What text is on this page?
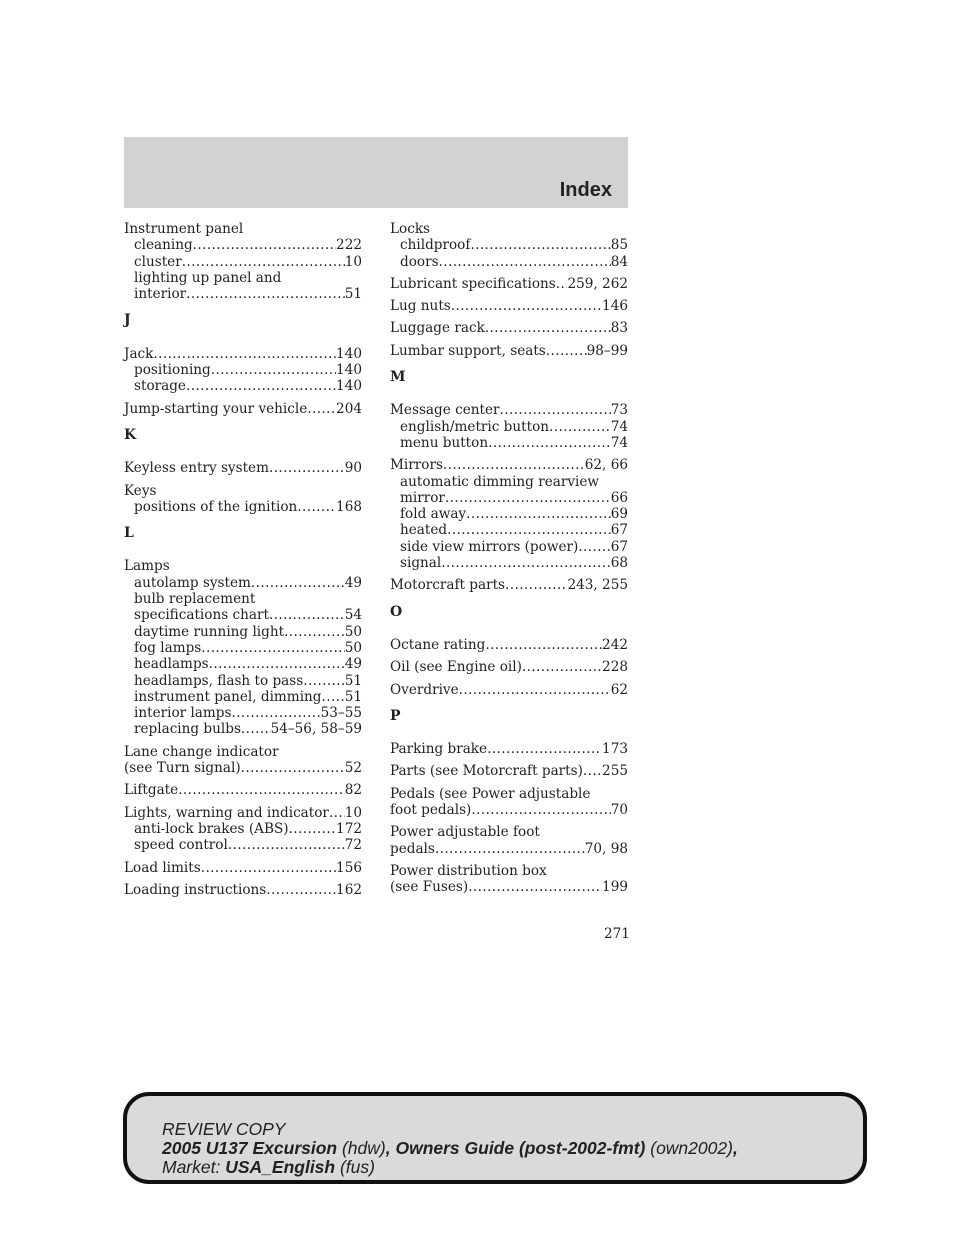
Index
Instrument panel
cleaning .....	222
cluster .....	10
lighting up panel and
interior .....	51
J
Jack .....	140
positioning .....	140
storage .....	140
Jump-starting your vehicle ..... 204
K
Keyless entry system .....	90
Keys
positions of the ignition .....	168
L
Lamps
autolamp system .....	49
bulb replacement
specifications chart .....	54
daytime running light .....	50
fog lamps .....	50
headlamps .....	49
headlamps, flash to pass .....	51
instrument panel, dimming ..... 51
interior lamps .....	53–55
replacing bulbs ..... 54–56, 58–59
Lane change indicator
(see Turn signal) .....	52
Liftgate .....	82
Lights, warning and indicator ..... 10
anti-lock brakes (ABS) .....	172
speed control .....	72
Load limits .....	156
Loading instructions .....	162
Locks
childproof .....	85
doors .....	84
Lubricant specifications ..... 259, 262
Lug nuts .....	146
Luggage rack .....	83
Lumbar support, seats .....	98–99
M
Message center .....	73
english/metric button .....	74
menu button .....	74
Mirrors .....	62, 66
automatic dimming rearview
mirror .....	66
fold away .....	69
heated .....	67
side view mirrors (power) ..... 67
signal .....	68
Motorcraft parts .....	243, 255
O
Octane rating .....	242
Oil (see Engine oil) .....	228
Overdrive .....	62
P
Parking brake .....	173
Parts (see Motorcraft parts) ..... 255
Pedals (see Power adjustable
foot pedals) .....	70
Power adjustable foot
pedals .....	70, 98
Power distribution box
(see Fuses) .....	199
271
REVIEW COPY
2005 U137 Excursion (hdw), Owners Guide (post-2002-fmt) (own2002),
Market: USA_English (fus)
